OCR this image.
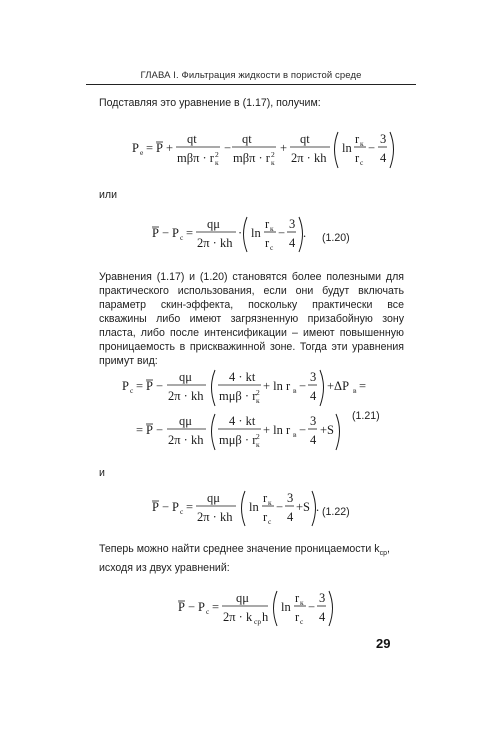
ГЛАВА I. Фильтрация жидкости в пористой среде
Подставляя это уравнение в (1.17), получим:
P e = P +
qt
mβπ · r 2
к
−
qt
mβπ · r 2
к
+
qt
2π · kh
ln
r к
r с
−
3
4
или
P − P с =
qμ
2π · kh
· ln
r к
r с
−
3
4
. (1.20)
Уравнения (1.17) и (1.20) становятся более полезными для практического использования, если они будут включать параметр скин-эффекта, поскольку практически все скважины либо имеют загрязненную призабойную зону пласта, либо после интенсификации – имеют повышенную проницаемость в прискважинной зоне. Тогда эти уравнения примут вид:
P с = P −
qμ
2π · kh
4 · kt
mμβ · r 2
к
+ ln r в −
3
4
+ΔP в =
= P −
qμ
2π · kh
4 · kt
mμβ · r 2
к
+ ln r в −
3
4
+S
(1.21)
и
P − P с =
qμ
2π · kh
ln
r к
r с
−
3
4
+S . (1.22)
Теперь можно найти среднее значение проницаемости $k_{ср}$,
исходя из двух уравнений:
P − P с =
qμ
2π · k ср h
ln
r к
r с
−
3
4
29
